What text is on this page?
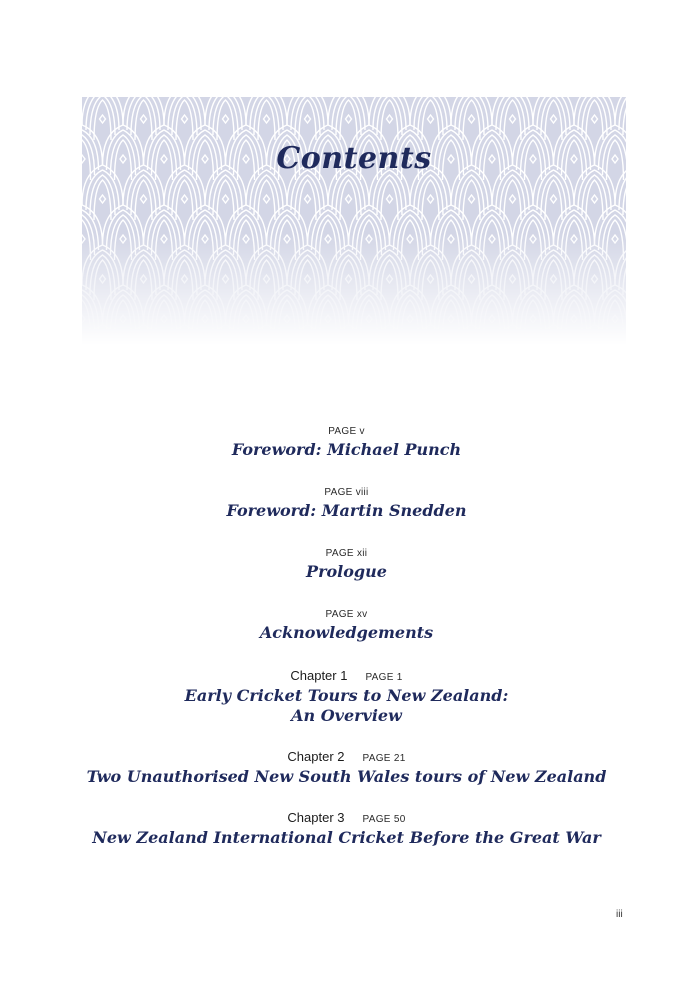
Contents
PAGE v
Foreword: Michael Punch
PAGE viii
Foreword: Martin Snedden
PAGE xii
Prologue
PAGE xv
Acknowledgements
Chapter 1 PAGE 1
Early Cricket Tours to New Zealand:
An Overview
Chapter 2 PAGE 21
Two Unauthorised New South Wales tours of New Zealand
Chapter 3 PAGE 50
New Zealand International Cricket Before the Great War
iii
